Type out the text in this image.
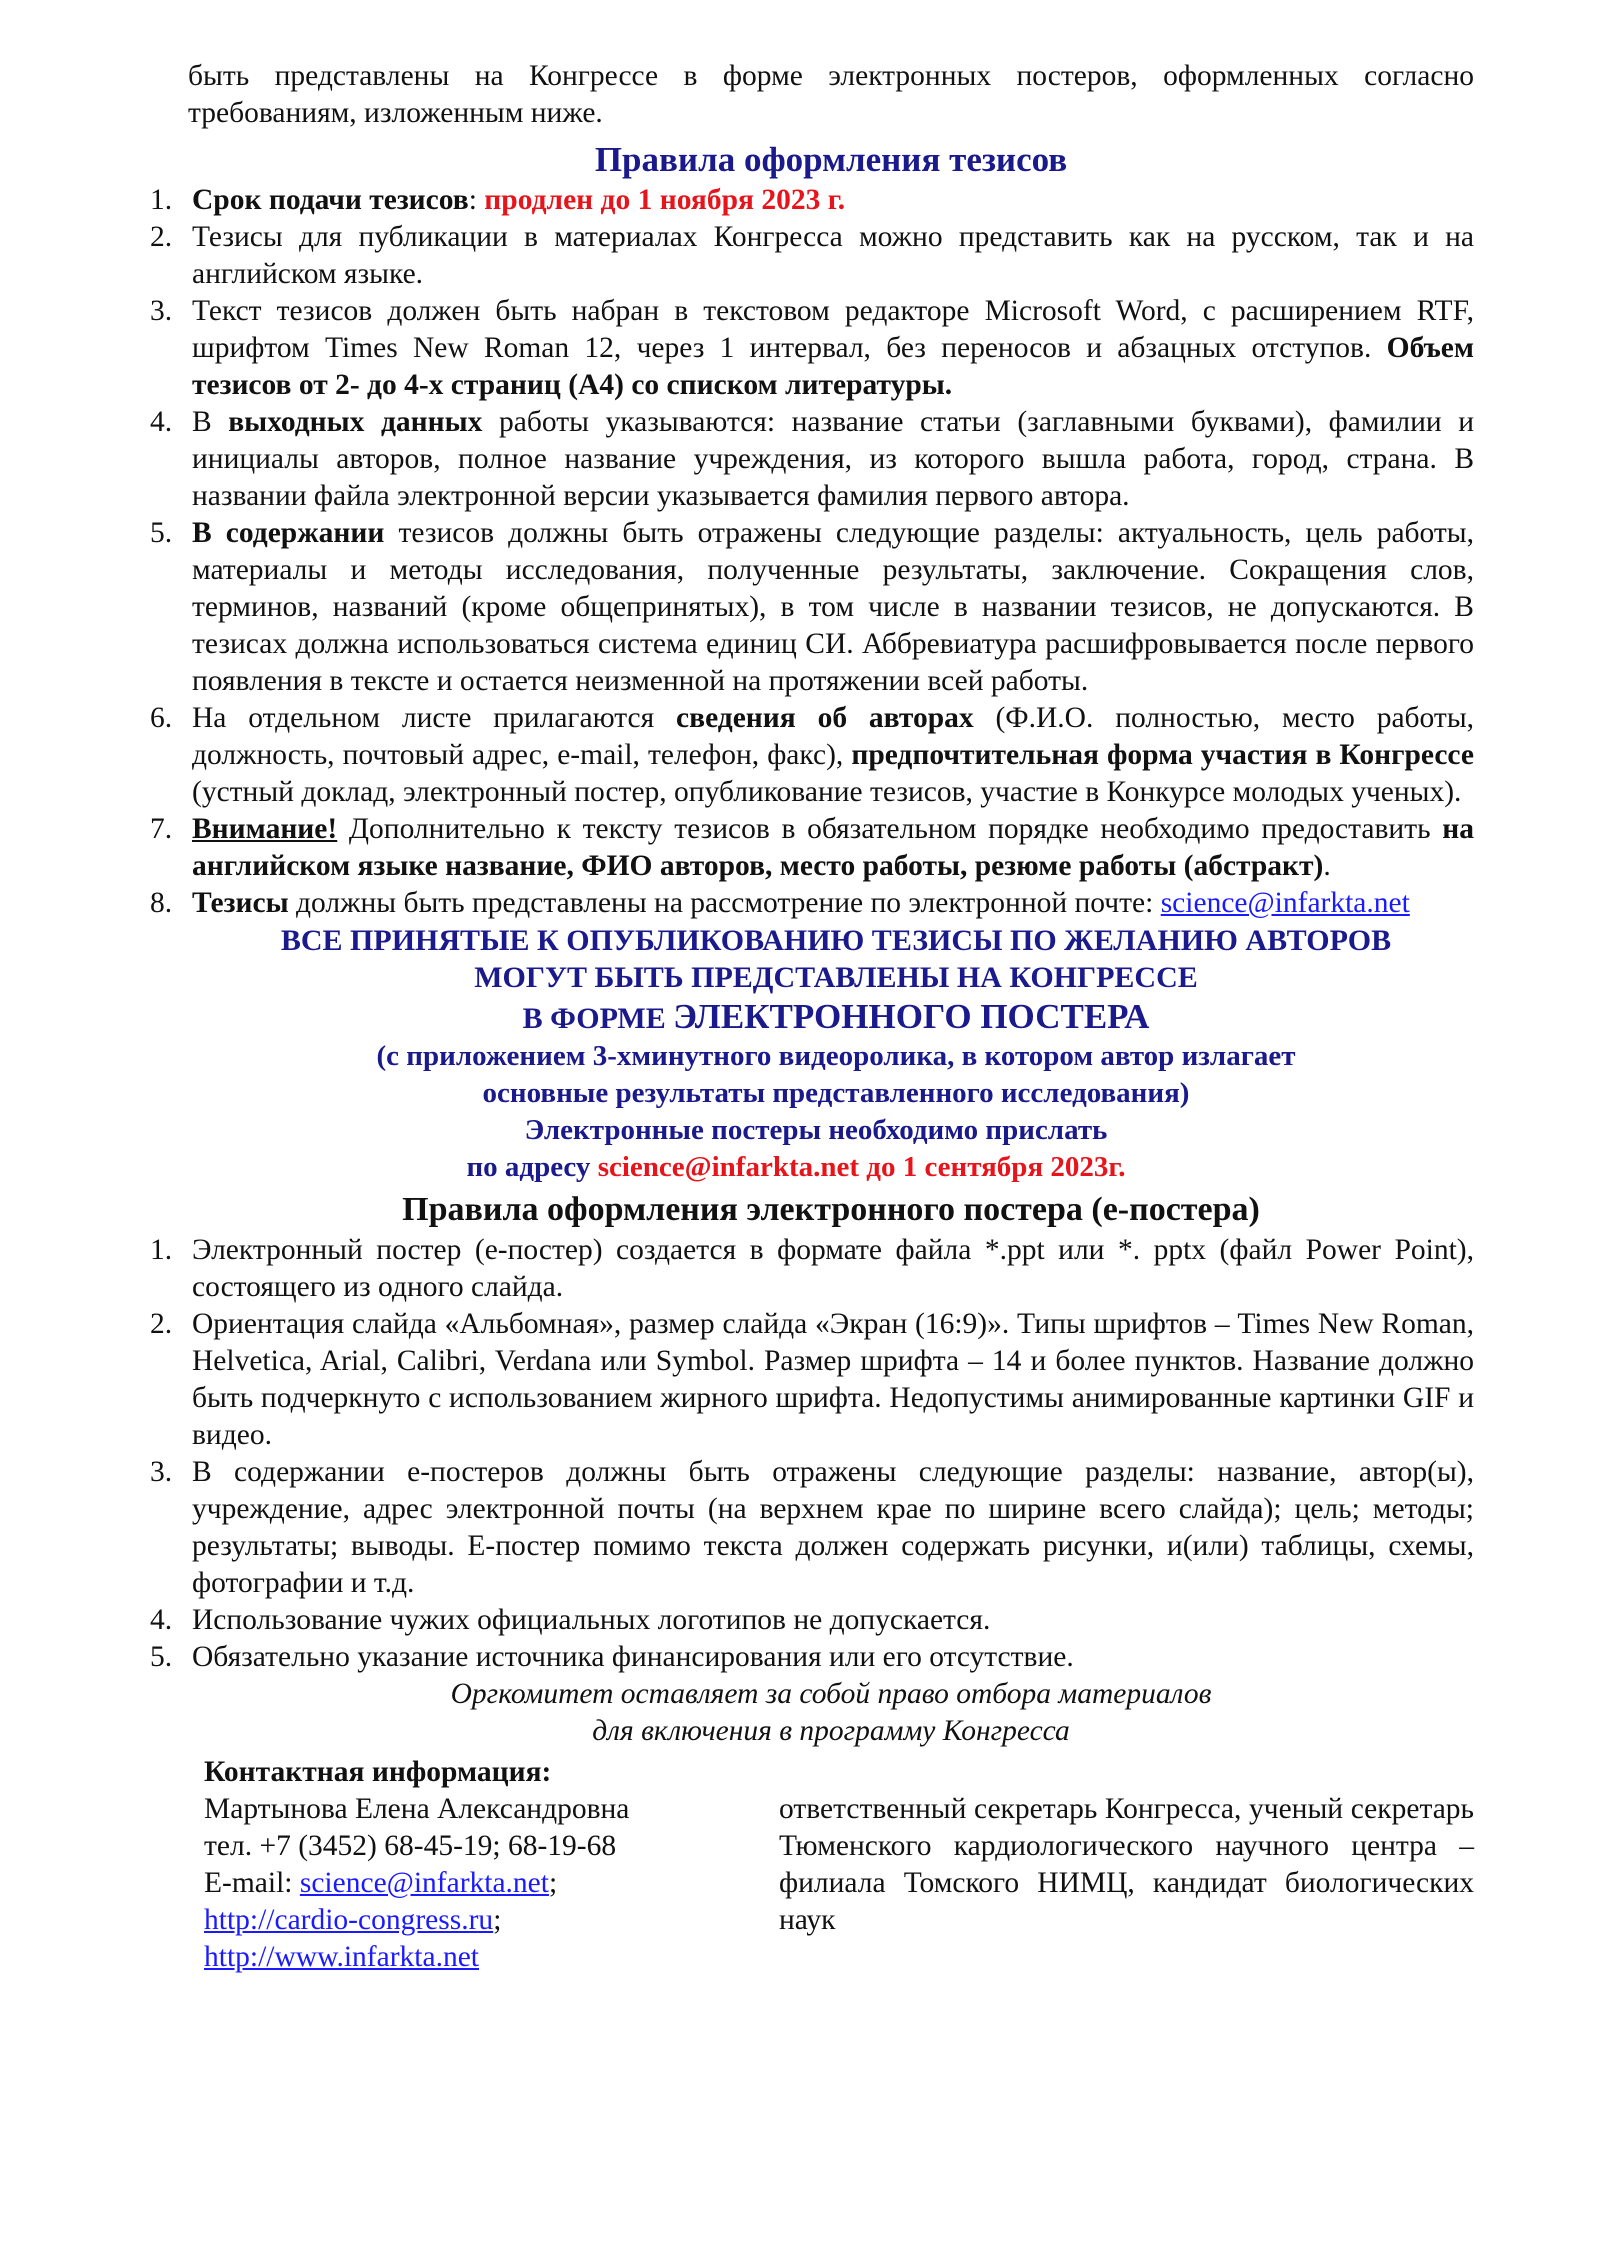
быть представлены на Конгрессе в форме электронных постеров, оформленных согласно требованиям, изложенным ниже.

Правила оформления тезисов
1. Срок подачи тезисов: продлен до 1 ноября 2023 г.
2. Тезисы для публикации в материалах Конгресса можно представить как на русском, так и на английском языке.
3. Текст тезисов должен быть набран в текстовом редакторе Microsoft Word, с расширением RTF, шрифтом Times New Roman 12, через 1 интервал, без переносов и абзацных отступов. Объем тезисов от 2- до 4-х страниц (А4) со списком литературы.
4. В выходных данных работы указываются: название статьи (заглавными буквами), фамилии и инициалы авторов, полное название учреждения, из которого вышла работа, город, страна. В названии файла электронной версии указывается фамилия первого автора.
5. В содержании тезисов должны быть отражены следующие разделы: актуальность, цель работы, материалы и методы исследования, полученные результаты, заключение. Сокращения слов, терминов, названий (кроме общепринятых), в том числе в названии тезисов, не допускаются. В тезисах должна использоваться система единиц СИ. Аббревиатура расшифровывается после первого появления в тексте и остается неизменной на протяжении всей работы.
6. На отдельном листе прилагаются сведения об авторах (Ф.И.О. полностью, место работы, должность, почтовый адрес, e-mail, телефон, факс), предпочтительная форма участия в Конгрессе (устный доклад, электронный постер, опубликование тезисов, участие в Конкурсе молодых ученых).
7. Внимание! Дополнительно к тексту тезисов в обязательном порядке необходимо предоставить на английском языке название, ФИО авторов, место работы, резюме работы (абстракт).
8. Тезисы должны быть представлены на рассмотрение по электронной почте: science@infarkta.net
ВСЕ ПРИНЯТЫЕ К ОПУБЛИКОВАНИЮ ТЕЗИСЫ ПО ЖЕЛАНИЮ АВТОРОВ
МОГУТ БЫТЬ ПРЕДСТАВЛЕНЫ НА КОНГРЕССЕ
В ФОРМЕ ЭЛЕКТРОННОГО ПОСТЕРА
(с приложением 3-хминутного видеоролика, в котором автор излагает
основные результаты представленного исследования)
Электронные постеры необходимо прислать
по адресу science@infarkta.net до 1 сентября 2023г.
Правила оформления электронного постера (е-постера)
1. Электронный постер (е-постер) создается в формате файла *.ppt или *. pptx (файл Power Point), состоящего из одного слайда.
2. Ориентация слайда «Альбомная», размер слайда «Экран (16:9)». Типы шрифтов – Times New Roman, Helvetica, Arial, Calibri, Verdana или Symbol. Размер шрифта – 14 и более пунктов. Название должно быть подчеркнуто с использованием жирного шрифта. Недопустимы анимированные картинки GIF и видео.
3. В содержании е-постеров должны быть отражены следующие разделы: название, автор(ы), учреждение, адрес электронной почты (на верхнем крае по ширине всего слайда); цель; методы; результаты; выводы. Е-постер помимо текста должен содержать рисунки, и(или) таблицы, схемы, фотографии и т.д.
4. Использование чужих официальных логотипов не допускается.
5. Обязательно указание источника финансирования или его отсутствие.
Оргкомитет оставляет за собой право отбора материалов
для включения в программу Конгресса
Контактная информация:
Мартынова Елена Александровна
тел. +7 (3452) 68-45-19; 68-19-68
E-mail: science@infarkta.net;
http://cardio-congress.ru;
http://www.infarkta.net
ответственный секретарь Конгресса, ученый секретарь Тюменского кардиологического научного центра – филиала Томского НИМЦ, кандидат биологических наук
